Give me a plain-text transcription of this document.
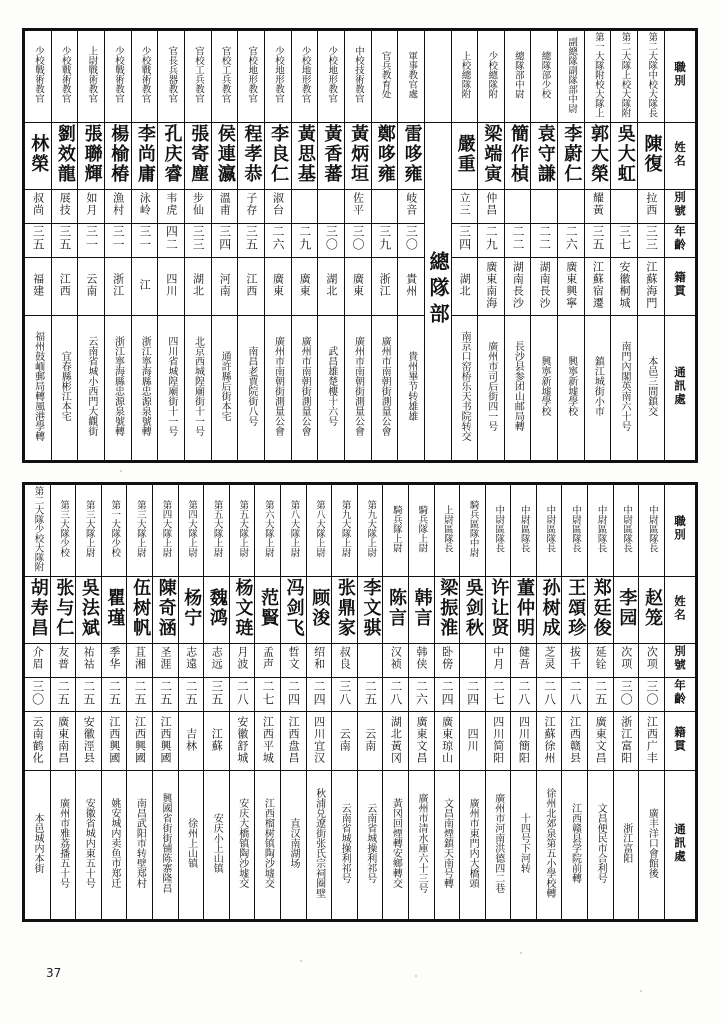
少校戰術教官	少校戰術教官	上尉戰術教官	少校戰術教官	少校戰術教官	官長兵器教官	官校工兵教官	官校工兵教官	官校地形教官	少校地形教官	少校地形教官	少校地形教官	中校技術教官	官兵教育处	軍事教官處		上校總隊附	少校總隊附	總隊部中尉	總隊部少校	副總隊副隊部中尉	第一大隊附校大隊上	第二大隊上校大隊附	第二大隊中校大隊長	職別
林榮	劉效龍	張聯輝	楊榆椿	李尚庸	孔庆睿	張寄塵	侯連瀛	程孝恭	李良仁	黃思基	黃香蕃	黃炳垣	鄭哆雍	雷哆雍	總隊部	嚴重	梁端寅	簡作楨	袁守謙	李蔚仁	郭大榮	吳大虹	陳復	姓名
叔尚	展技	如月	漁村	泳岭	韦虎	步仙	溫甫	子存	淑台			佐平		岐音		立三	仲昌				耀黃		拉西	別號
三五	三五	三一	三一	三一	四二	三三	三四	三五	二六	二九	三〇	三〇	三九	三〇		三四	二九	二二	二二	二六	三五	三七	三三	年齡
福建	江西	云南	浙江	江	四川	湖北	河南	江西	廣東	廣東	湖北	廣東	浙江	貴州		湖北	廣東南海	湖南長沙	湖南長沙	廣東興寧	江蘇宿遷	安徽桐城	江蘇海門	籍貫
福州鼓峏郵局轉風港學轉	宜春縣彬江本宅	云南省城小西門大觀街	浙江寧海縣忠源泉號轉	浙江寧海縣忠源泉號轉	四川省城隍廟街十一号	北京西城隍廟街十一号	通許縣后街本宅	南昌老賈院街八号	廣州市南朝街測量公會	廣州市南朝街測量公會	武昌雄楚樓十六号	廣州市南朝街測量公會	廣州市南朝街測量公會	貴州畢节转雄雄		南京口窑桥乐天书院转交	廣州市司后街四一号	長沙县参团山邮局轉	興寧新墟學校	興寧新墟學校	鎮江城街小市	南門內閣英南六十号	本邑三間鎮交	通訊處
第二大隊少校大隊附	第三大隊少校	第三大隊上尉	第一大隊少校	第三大隊上尉	第四大隊上尉	第四大隊上尉	第五大隊上尉	第五大隊上尉	第六大隊上尉	第八大隊上尉	第八大隊上尉	第九大隊上尉	第九大隊上尉	騎兵隊上尉	騎兵隊上尉	上尉區隊長	騎兵區隊中尉	中尉區隊長	中尉區隊長	中尉區隊長	中尉區隊長	中尉區隊長	中尉區隊長	中尉區隊長	職別
胡寿昌	张与仁	吳法斌	瞿瑾	伍树帆	陳奇涵	杨宁	魏鸿	杨文琏	范賢	冯剑飞	顾浚	张鼎家	李文骐	陈言	韩言	梁振淮	吳剑秋	许让贤	董仲明	孙树成	王頌珍	郑廷俊	李园	赵笼	姓名
介眉	友普	祐祜	季华	苴湘	圣涯	志遠	志远	月波	孟声	哲文	绍和	叔良		汉祯	韩侠	卧傍		中月	健吾	芝灵	拔千	延铨	次项	次项	別號
三〇	二五	二五	二五	二五	二五	二五	三五	二八	二七	二四	二四	三八	二五	二八	二六	二四	二四	二七	二八	二八	二八	二五	三〇	三〇	年齡
云南鹤化	廣東南昌	安徽涇县	江西興國	江西興國	江西興國	吉林	江蘇	安徽舒城	江西平城	江西盘昌	四川宜汉	云南	云南	湖北黃冈	廣東文昌	廣東琼山	四川	四川简阳	四川簡阳	江蘇徐州	江西赣县	廣東文昌	浙江富阳	江西广丰	籍貫
本邑城内本街	廣州市雅荔播五十号	安徽省城内東五十号	姚安城内卖鱼市郑迁	南昌武阳市转壁郑村	興國省街街铺陈寨隆昌	徐州上山镇	安庆小上山镇	安庆大橋镇陶沙墟交	江西榴树镇陶沙墟交	直汉南湖场	秋浦兑遼街张氏宗祠圈壁	云南省城操利祁号	云南省城操利祁号	黃冈回煙轉安鄉轉交	廣州市清水庫六十三号	文昌南煙鎮天南号轉	廣州市東門内大橋頭	廣州市河南洪德四二巷	十四号下河转	徐州北郊泉第五小學校轉	江西赣县学院前轉	文昌便民市合利号	浙江富阳	廣丰洋口會館後	通訊處
37
